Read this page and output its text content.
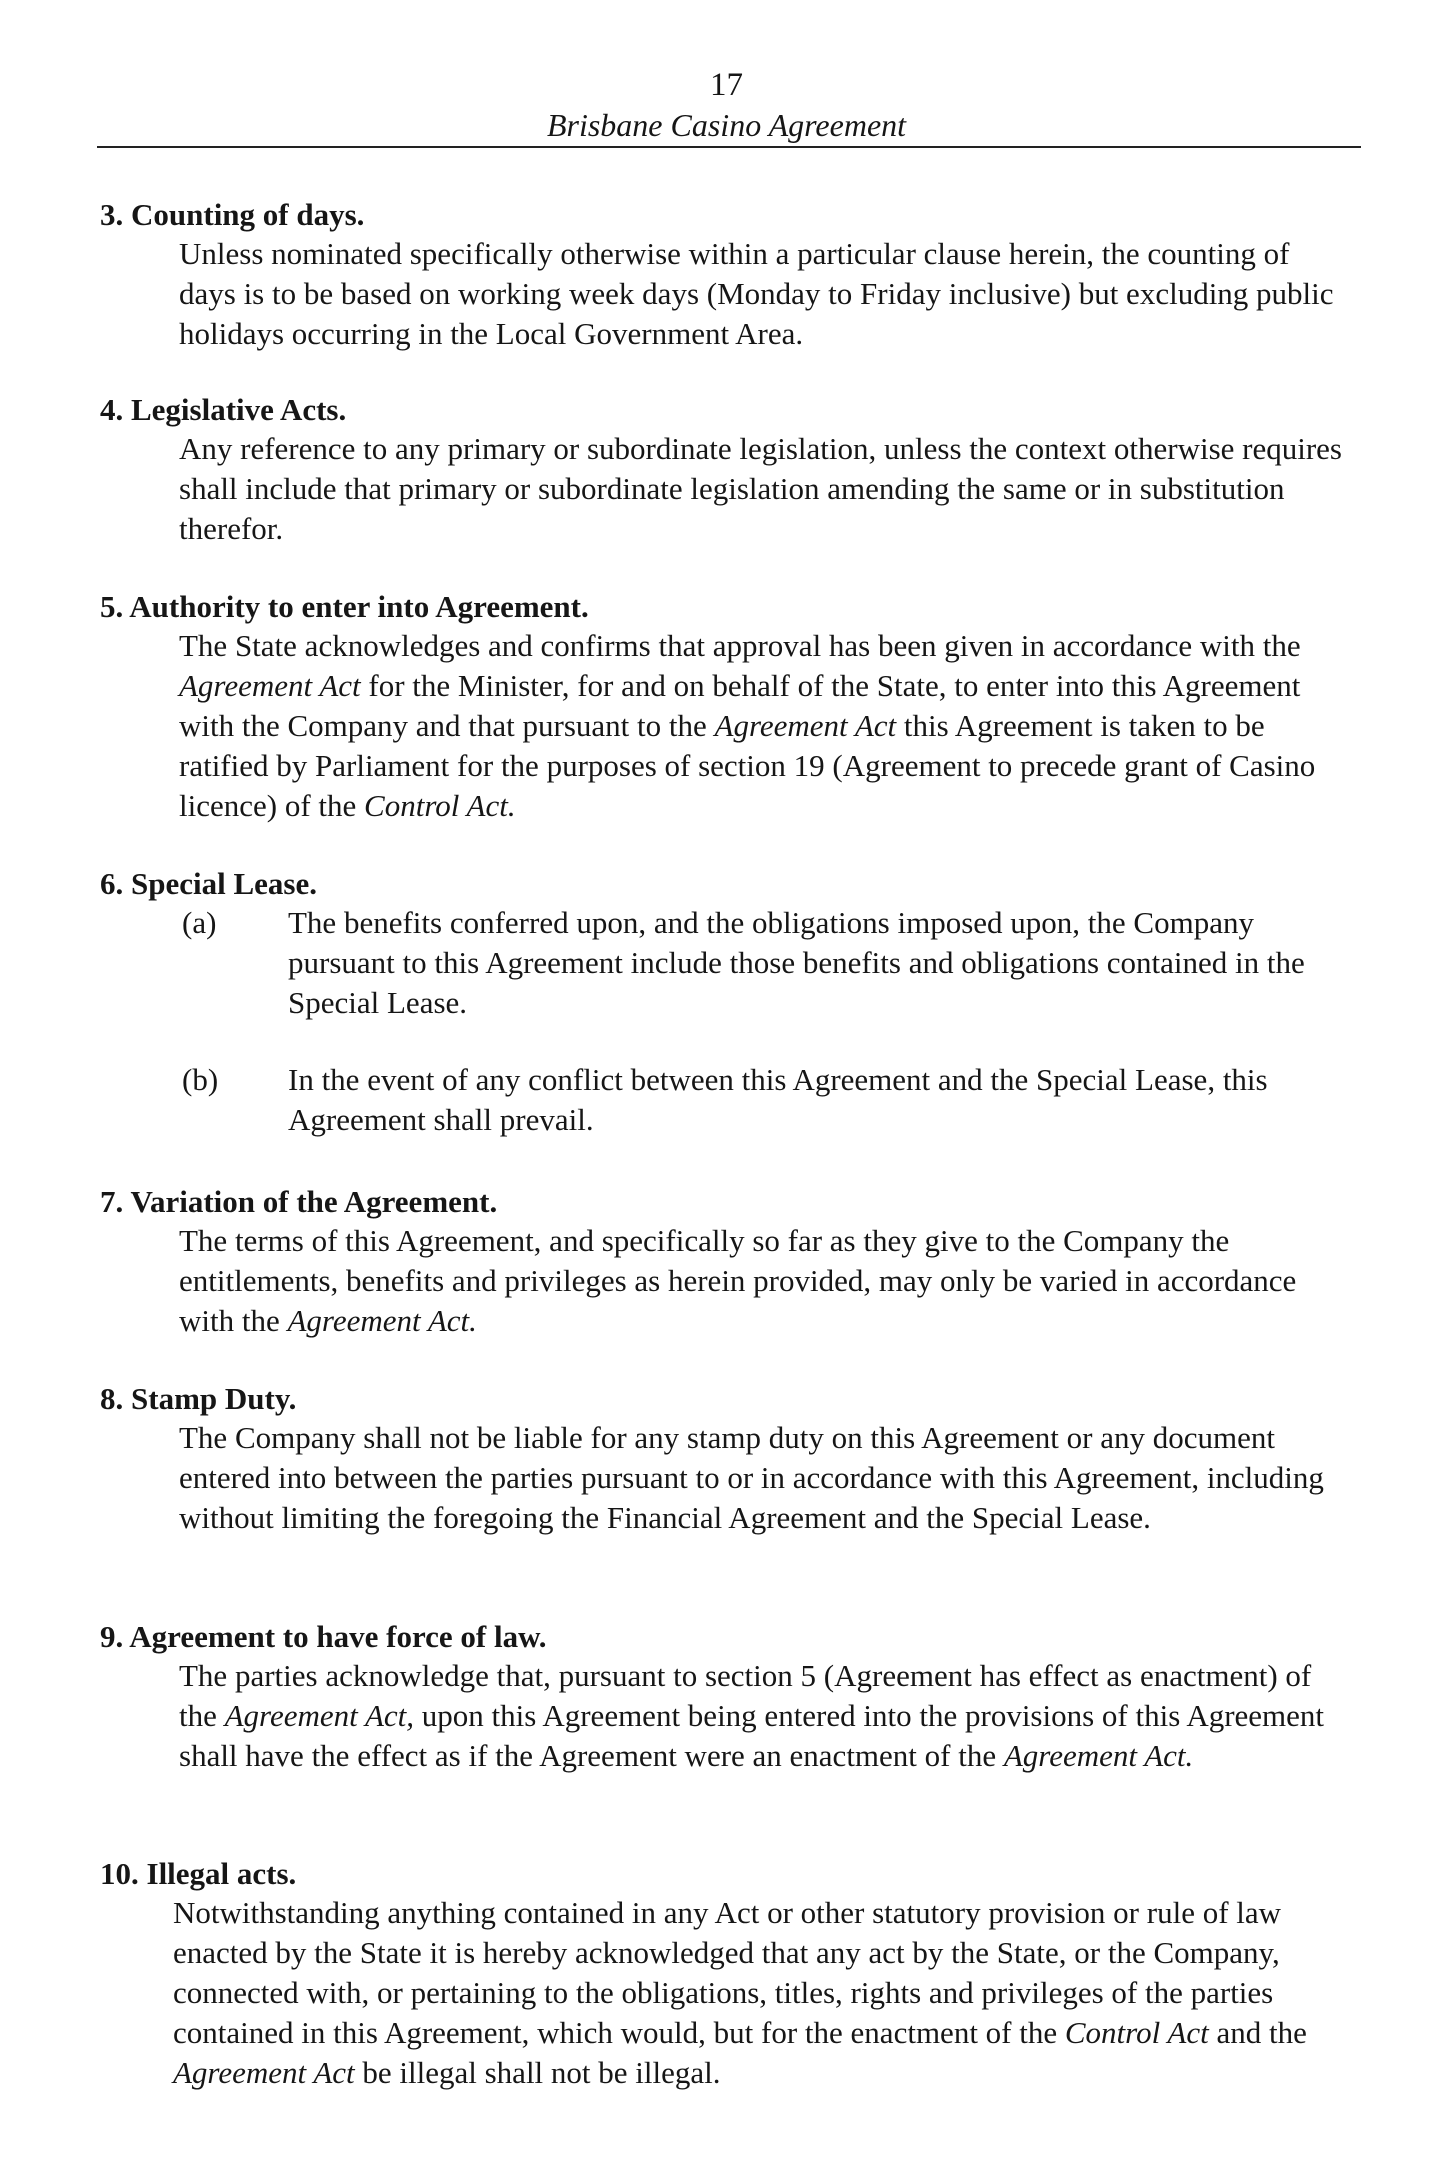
17
Brisbane Casino Agreement

3. Counting of days.

Unless nominated specifically otherwise within a particular clause herein, the counting of days is to be based on working week days (Monday to Friday inclusive) but excluding public holidays occurring in the Local Government Area.

4. Legislative Acts.

Any reference to any primary or subordinate legislation, unless the context otherwise requires shall include that primary or subordinate legislation amending the same or in substitution therefor.

5. Authority to enter into Agreement.

The State acknowledges and confirms that approval has been given in accordance with the Agreement Act for the Minister, for and on behalf of the State, to enter into this Agreement with the Company and that pursuant to the Agreement Act this Agreement is taken to be ratified by Parliament for the purposes of section 19 (Agreement to precede grant of Casino licence) of the Control Act.

6. Special Lease.

(a) The benefits conferred upon, and the obligations imposed upon, the Company pursuant to this Agreement include those benefits and obligations contained in the Special Lease.
(b) In the event of any conflict between this Agreement and the Special Lease, this Agreement shall prevail.

7. Variation of the Agreement.

The terms of this Agreement, and specifically so far as they give to the Company the entitlements, benefits and privileges as herein provided, may only be varied in accordance with the Agreement Act.

8. Stamp Duty.

The Company shall not be liable for any stamp duty on this Agreement or any document entered into between the parties pursuant to or in accordance with this Agreement, including without limiting the foregoing the Financial Agreement and the Special Lease.

9. Agreement to have force of law.

The parties acknowledge that, pursuant to section 5 (Agreement has effect as enactment) of the Agreement Act, upon this Agreement being entered into the provisions of this Agreement shall have the effect as if the Agreement were an enactment of the Agreement Act.

10. Illegal acts.

Notwithstanding anything contained in any Act or other statutory provision or rule of law enacted by the State it is hereby acknowledged that any act by the State, or the Company, connected with, or pertaining to the obligations, titles, rights and privileges of the parties contained in this Agreement, which would, but for the enactment of the Control Act and the Agreement Act be illegal shall not be illegal.
